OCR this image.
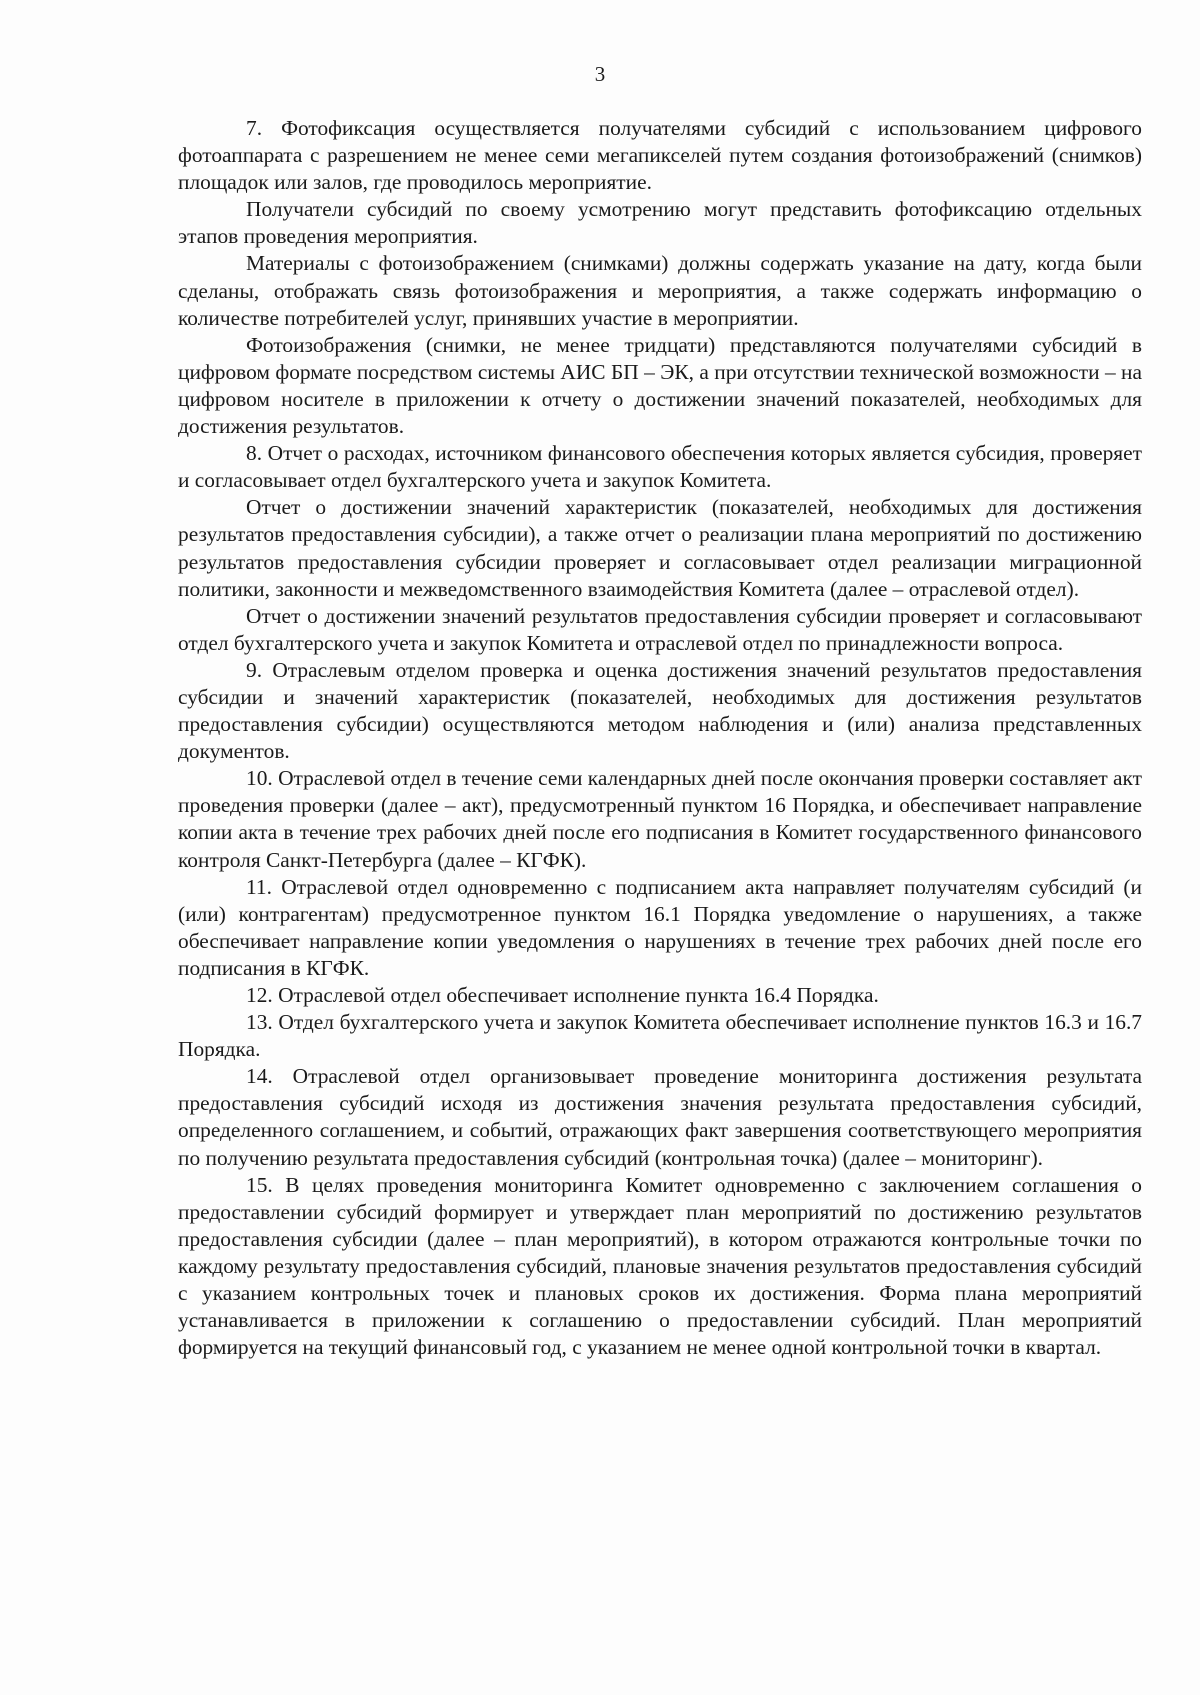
3

7. Фотофиксация осуществляется получателями субсидий с использованием цифрового фотоаппарата с разрешением не менее семи мегапикселей путем создания фотоизображений (снимков) площадок или залов, где проводилось мероприятие.

Получатели субсидий по своему усмотрению могут представить фотофиксацию отдельных этапов проведения мероприятия.

Материалы с фотоизображением (снимками) должны содержать указание на дату, когда были сделаны, отображать связь фотоизображения и мероприятия, а также содержать информацию о количестве потребителей услуг, принявших участие в мероприятии.

Фотоизображения (снимки, не менее тридцати) представляются получателями субсидий в цифровом формате посредством системы АИС БП – ЭК, а при отсутствии технической возможности – на цифровом носителе в приложении к отчету о достижении значений показателей, необходимых для достижения результатов.

8. Отчет о расходах, источником финансового обеспечения которых является субсидия, проверяет и согласовывает отдел бухгалтерского учета и закупок Комитета.

Отчет о достижении значений характеристик (показателей, необходимых для достижения результатов предоставления субсидии), а также отчет о реализации плана мероприятий по достижению результатов предоставления субсидии проверяет и согласовывает отдел реализации миграционной политики, законности и межведомственного взаимодействия Комитета (далее – отраслевой отдел).

Отчет о достижении значений результатов предоставления субсидии проверяет и согласовывают отдел бухгалтерского учета и закупок Комитета и отраслевой отдел по принадлежности вопроса.

9. Отраслевым отделом проверка и оценка достижения значений результатов предоставления субсидии и значений характеристик (показателей, необходимых для достижения результатов предоставления субсидии) осуществляются методом наблюдения и (или) анализа представленных документов.

10. Отраслевой отдел в течение семи календарных дней после окончания проверки составляет акт проведения проверки (далее – акт), предусмотренный пунктом 16 Порядка, и обеспечивает направление копии акта в течение трех рабочих дней после его подписания в Комитет государственного финансового контроля Санкт-Петербурга (далее – КГФК).

11. Отраслевой отдел одновременно с подписанием акта направляет получателям субсидий (и (или) контрагентам) предусмотренное пунктом 16.1 Порядка уведомление о нарушениях, а также обеспечивает направление копии уведомления о нарушениях в течение трех рабочих дней после его подписания в КГФК.

12. Отраслевой отдел обеспечивает исполнение пункта 16.4 Порядка.

13. Отдел бухгалтерского учета и закупок Комитета обеспечивает исполнение пунктов 16.3 и 16.7 Порядка.

14. Отраслевой отдел организовывает проведение мониторинга достижения результата предоставления субсидий исходя из достижения значения результата предоставления субсидий, определенного соглашением, и событий, отражающих факт завершения соответствующего мероприятия по получению результата предоставления субсидий (контрольная точка) (далее – мониторинг).

15. В целях проведения мониторинга Комитет одновременно с заключением соглашения о предоставлении субсидий формирует и утверждает план мероприятий по достижению результатов предоставления субсидии (далее – план мероприятий), в котором отражаются контрольные точки по каждому результату предоставления субсидий, плановые значения результатов предоставления субсидий с указанием контрольных точек и плановых сроков их достижения. Форма плана мероприятий устанавливается в приложении к соглашению о предоставлении субсидий. План мероприятий формируется на текущий финансовый год, с указанием не менее одной контрольной точки в квартал.
